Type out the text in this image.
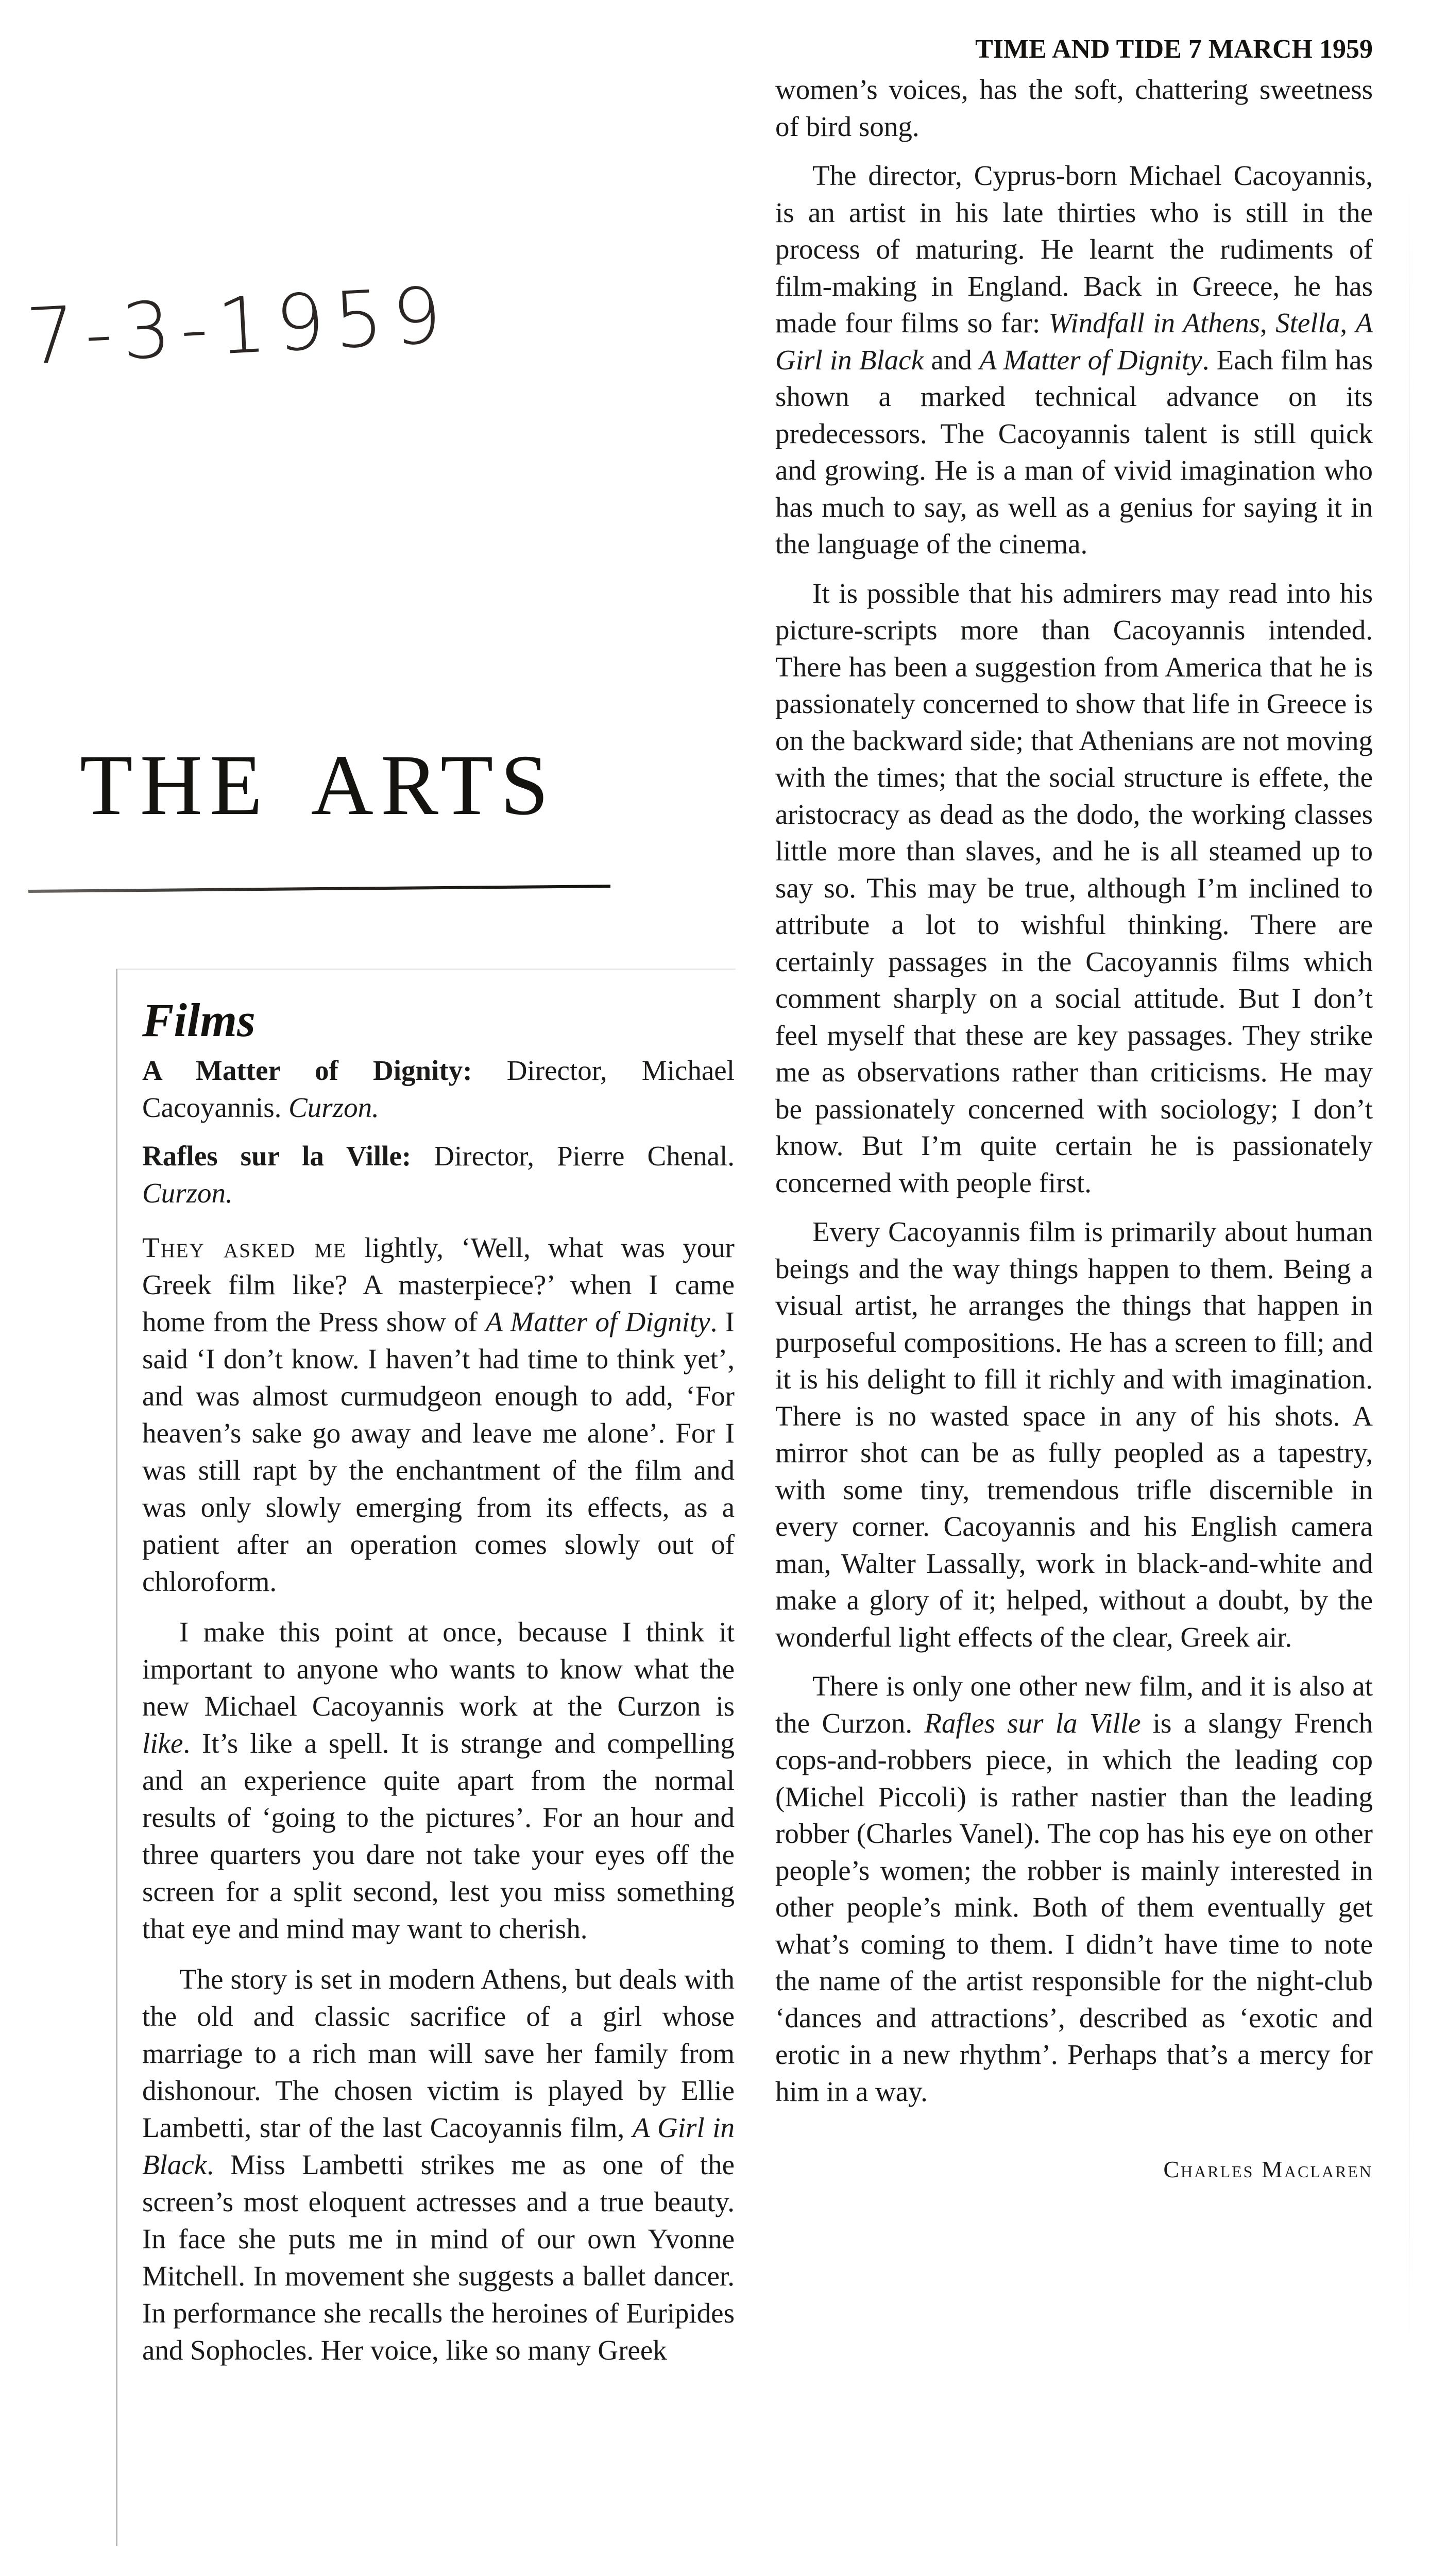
7-3-1959
THE ARTS
Films

A Matter of Dignity: Director, Michael Cacoyannis. Curzon.

Rafles sur la Ville: Director, Pierre Chenal. Curzon.

They asked me lightly, ‘Well, what was your Greek film like? A masterpiece?’ when I came home from the Press show of A Matter of Dignity. I said ‘I don’t know. I haven’t had time to think yet’, and was almost curmudgeon enough to add, ‘For heaven’s sake go away and leave me alone’. For I was still rapt by the enchantment of the film and was only slowly emerging from its effects, as a patient after an operation comes slowly out of chloroform.

I make this point at once, because I think it important to anyone who wants to know what the new Michael Cacoyannis work at the Curzon is like. It’s like a spell. It is strange and compelling and an experience quite apart from the normal results of ‘going to the pictures’. For an hour and three quarters you dare not take your eyes off the screen for a split second, lest you miss something that eye and mind may want to cherish.

The story is set in modern Athens, but deals with the old and classic sacrifice of a girl whose marriage to a rich man will save her family from dishonour. The chosen victim is played by Ellie Lambetti, star of the last Cacoyannis film, A Girl in Black. Miss Lambetti strikes me as one of the screen’s most eloquent actresses and a true beauty. In face she puts me in mind of our own Yvonne Mitchell. In movement she suggests a ballet dancer. In performance she recalls the heroines of Euripides and Sophocles. Her voice, like so many Greek

TIME AND TIDE 7 MARCH 1959

women’s voices, has the soft, chattering sweetness of bird song.

The director, Cyprus-born Michael Cacoyannis, is an artist in his late thirties who is still in the process of maturing. He learnt the rudiments of film-making in England. Back in Greece, he has made four films so far: Windfall in Athens, Stella, A Girl in Black and A Matter of Dignity. Each film has shown a marked technical advance on its predecessors. The Cacoyannis talent is still quick and growing. He is a man of vivid imagination who has much to say, as well as a genius for saying it in the language of the cinema.

It is possible that his admirers may read into his picture-scripts more than Cacoyannis intended. There has been a suggestion from America that he is passionately concerned to show that life in Greece is on the backward side; that Athenians are not moving with the times; that the social structure is effete, the aristocracy as dead as the dodo, the working classes little more than slaves, and he is all steamed up to say so. This may be true, although I’m inclined to attribute a lot to wishful thinking. There are certainly passages in the Cacoyannis films which comment sharply on a social attitude. But I don’t feel myself that these are key passages. They strike me as observations rather than criticisms. He may be passionately concerned with sociology; I don’t know. But I’m quite certain he is passionately concerned with people first.

Every Cacoyannis film is primarily about human beings and the way things happen to them. Being a visual artist, he arranges the things that happen in purposeful compositions. He has a screen to fill; and it is his delight to fill it richly and with imagination. There is no wasted space in any of his shots. A mirror shot can be as fully peopled as a tapestry, with some tiny, tremendous trifle discernible in every corner. Cacoyannis and his English camera man, Walter Lassally, work in black-and-white and make a glory of it; helped, without a doubt, by the wonderful light effects of the clear, Greek air.

There is only one other new film, and it is also at the Curzon. Rafles sur la Ville is a slangy French cops-and-robbers piece, in which the leading cop (Michel Piccoli) is rather nastier than the leading robber (Charles Vanel). The cop has his eye on other people’s women; the robber is mainly interested in other people’s mink. Both of them eventually get what’s coming to them. I didn’t have time to note the name of the artist responsible for the night-club ‘dances and attractions’, described as ‘exotic and erotic in a new rhythm’. Perhaps that’s a mercy for him in a way.

Charles Maclaren
